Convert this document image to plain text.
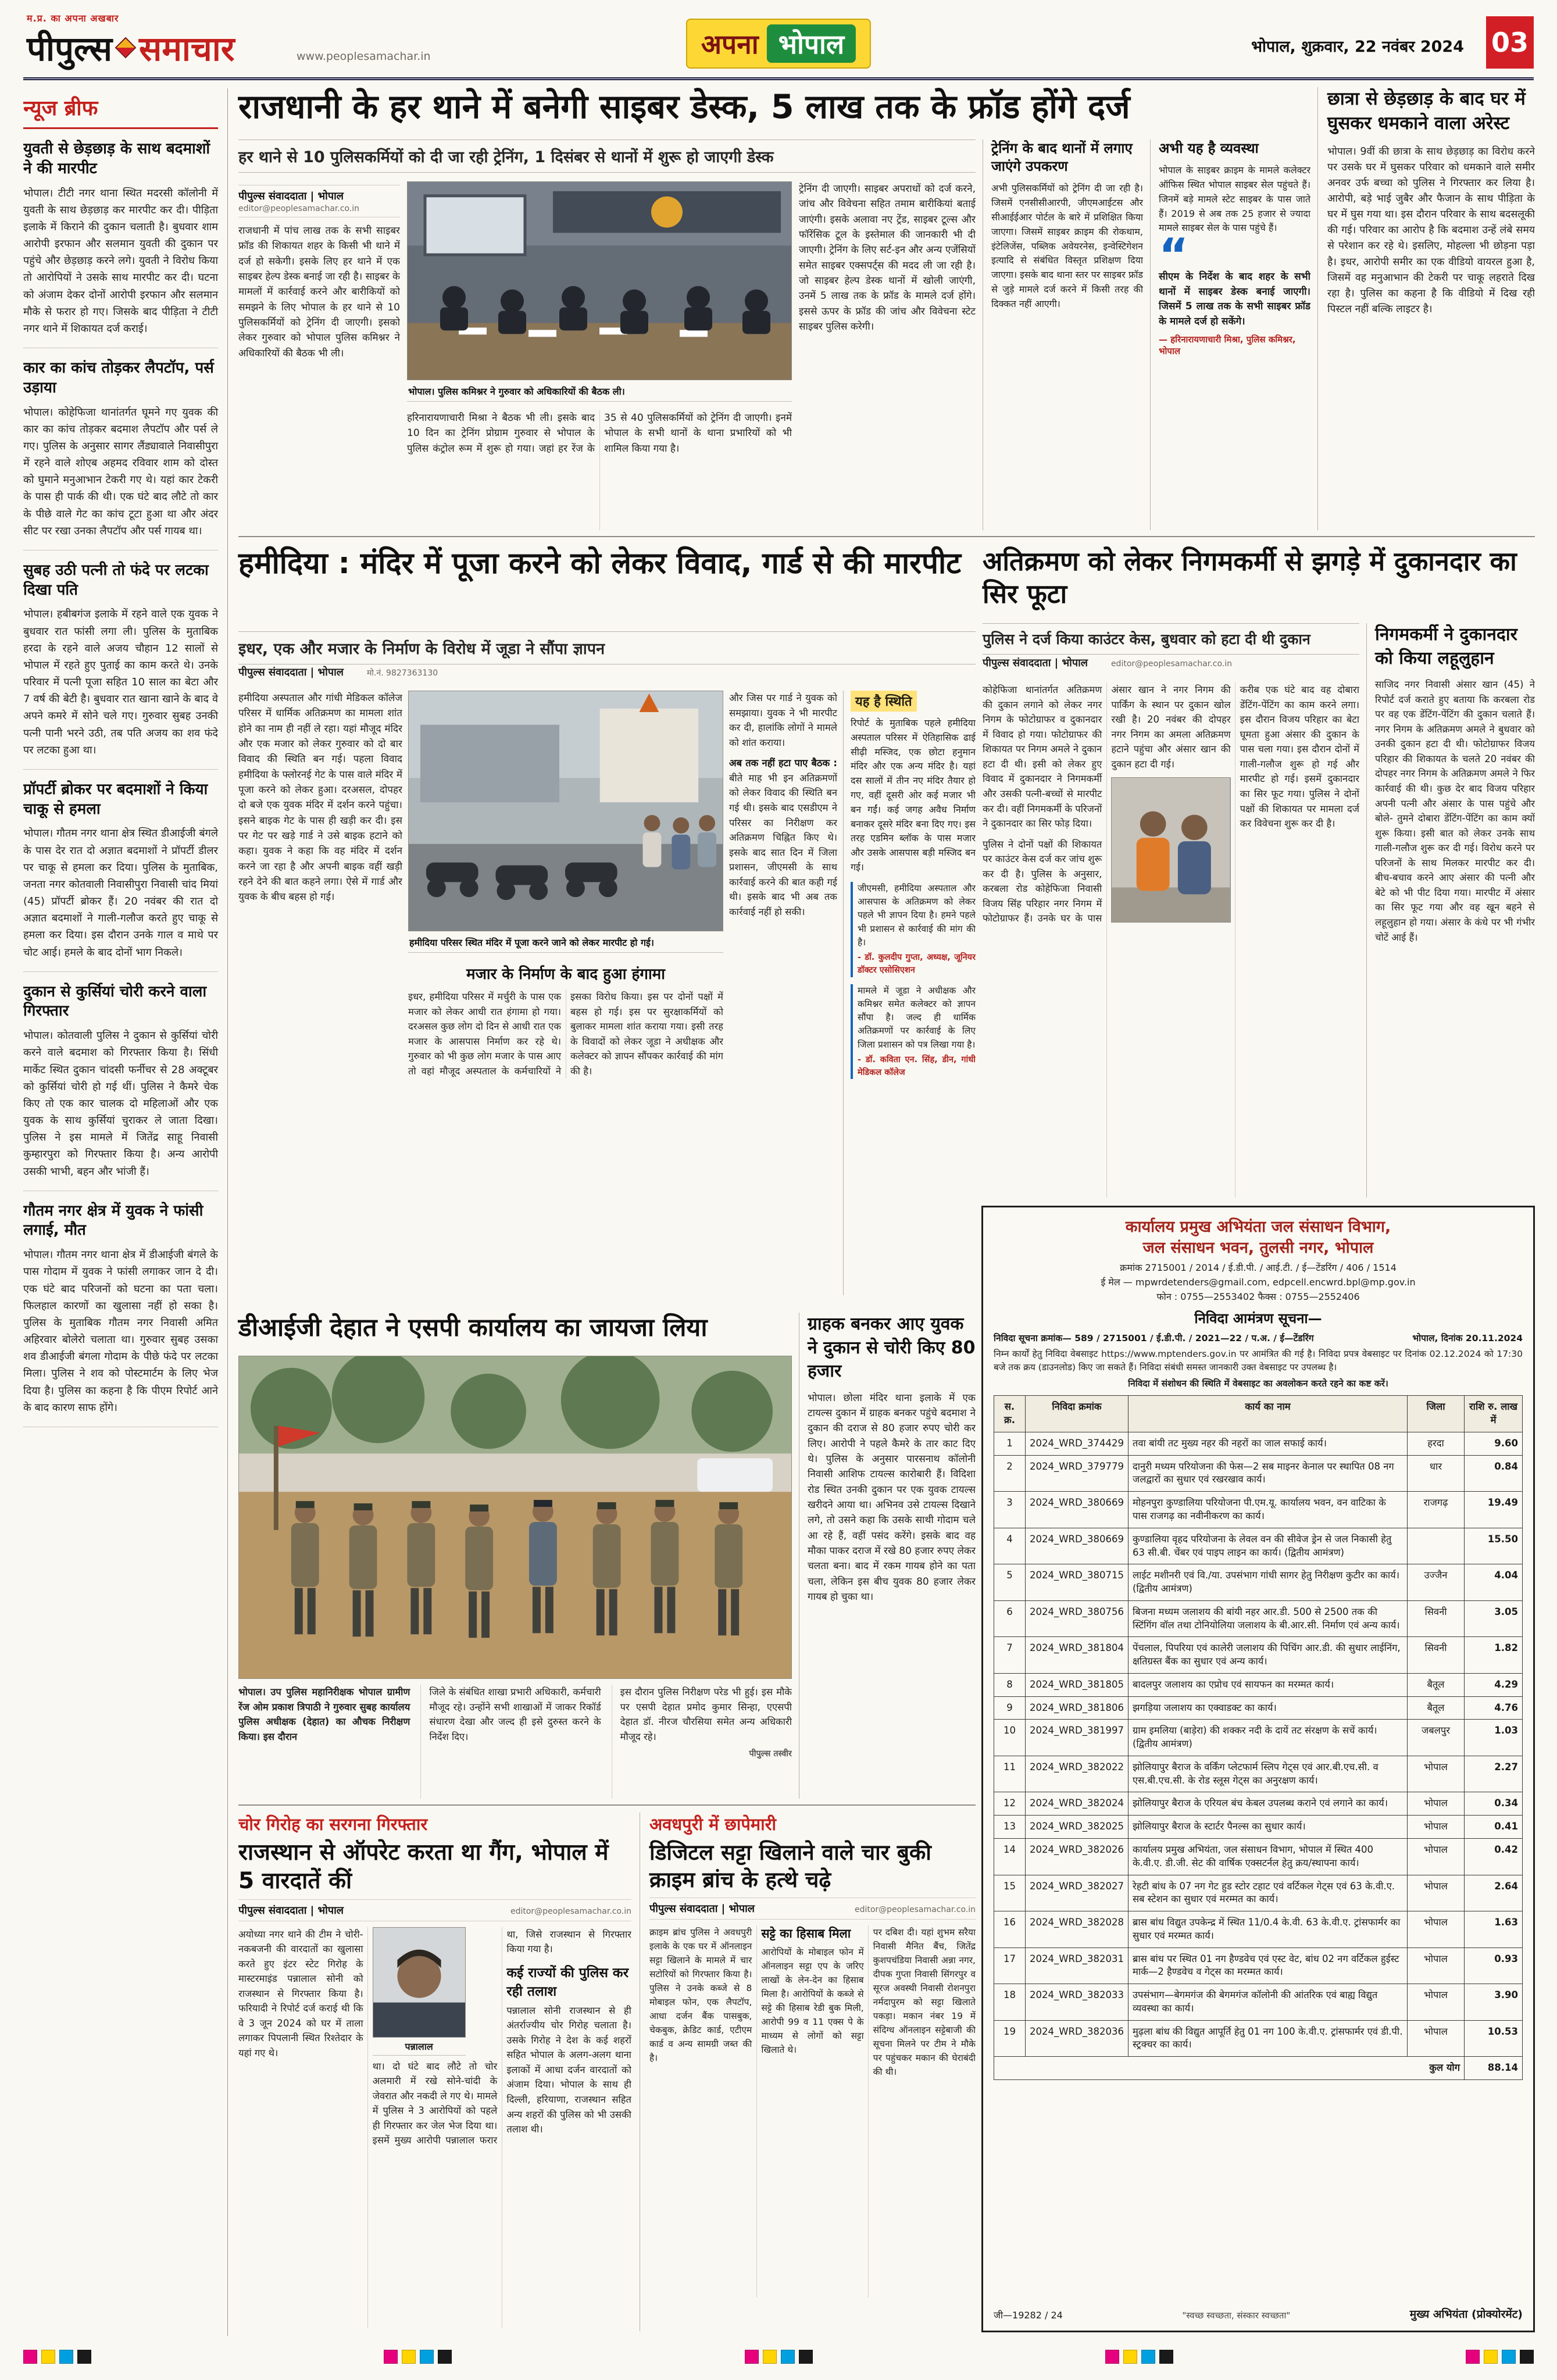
म.प्र. का अपना अखबार
पीपुल्स समाचार	www.peoplesamachar.in	अपना भोपाल	भोपाल, शुक्रवार, 22 नवंबर 2024 03
न्यूज ब्रीफ
युवती से छेड़छाड़ के साथ बदमाशों ने की मारपीट

भोपाल। टीटी नगर थाना स्थित मदरसी कॉलोनी में युवती के साथ छेड़छाड़ कर मारपीट कर दी। पीड़िता इलाके में किराने की दुकान चलाती है। बुधवार शाम आरोपी इरफान और सलमान युवती की दुकान पर पहुंचे और छेड़छाड़ करने लगे। युवती ने विरोध किया तो आरोपियों ने उसके साथ मारपीट कर दी। घटना को अंजाम देकर दोनों आरोपी इरफान और सलमान मौके से फरार हो गए। जिसके बाद पीड़िता ने टीटी नगर थाने में शिकायत दर्ज कराई।

कार का कांच तोड़कर लैपटॉप, पर्स उड़ाया

भोपाल। कोहेफिजा थानांतर्गत घूमने गए युवक की कार का कांच तोड़कर बदमाश लैपटॉप और पर्स ले गए। पुलिस के अनुसार सागर लैंड्यावाले निवासीपुरा में रहने वाले शोएब अहमद रविवार शाम को दोस्त को घुमाने मनुआभान टेकरी गए थे। यहां कार टेकरी के पास ही पार्क की थी। एक घंटे बाद लौटे तो कार के पीछे वाले गेट का कांच टूटा हुआ था और अंदर सीट पर रखा उनका लैपटॉप और पर्स गायब था।

सुबह उठी पत्नी तो फंदे पर लटका दिखा पति

भोपाल। हबीबगंज इलाके में रहने वाले एक युवक ने बुधवार रात फांसी लगा ली। पुलिस के मुताबिक हरदा के रहने वाले अजय चौहान 12 सालों से भोपाल में रहते हुए पुताई का काम करते थे। उनके परिवार में पत्नी पूजा सहित 10 साल का बेटा और 7 वर्ष की बेटी है। बुधवार रात खाना खाने के बाद वे अपने कमरे में सोने चले गए। गुरुवार सुबह उनकी पत्नी पानी भरने उठी, तब पति अजय का शव फंदे पर लटका हुआ था।

प्रॉपर्टी ब्रोकर पर बदमाशों ने किया चाकू से हमला

भोपाल। गौतम नगर थाना क्षेत्र स्थित डीआईजी बंगले के पास देर रात दो अज्ञात बदमाशों ने प्रॉपर्टी डीलर पर चाकू से हमला कर दिया। पुलिस के मुताबिक, जनता नगर कोतवाली निवासीपुरा निवासी चांद मियां (45) प्रॉपर्टी ब्रोकर हैं। 20 नवंबर की रात दो अज्ञात बदमाशों ने गाली-गलौज करते हुए चाकू से हमला कर दिया। इस दौरान उनके गाल व माथे पर चोट आई। हमले के बाद दोनों भाग निकले।

दुकान से कुर्सियां चोरी करने वाला गिरफ्तार

भोपाल। कोतवाली पुलिस ने दुकान से कुर्सियां चोरी करने वाले बदमाश को गिरफ्तार किया है। सिंधी मार्केट स्थित दुकान चांदसी फर्नीचर से 28 अक्टूबर को कुर्सियां चोरी हो गई थीं। पुलिस ने कैमरे चेक किए तो एक कार चालक दो महिलाओं और एक युवक के साथ कुर्सियां चुराकर ले जाता दिखा। पुलिस ने इस मामले में जितेंद्र साहू निवासी कुम्हारपुरा को गिरफ्तार किया है। अन्य आरोपी उसकी भाभी, बहन और भांजी हैं।

गौतम नगर क्षेत्र में युवक ने फांसी लगाई, मौत

भोपाल। गौतम नगर थाना क्षेत्र में डीआईजी बंगले के पास गोदाम में युवक ने फांसी लगाकर जान दे दी। एक घंटे बाद परिजनों को घटना का पता चला। फिलहाल कारणों का खुलासा नहीं हो सका है। पुलिस के मुताबिक गौतम नगर निवासी अमित अहिरवार बोलेरो चलाता था। गुरुवार सुबह उसका शव डीआईजी बंगला गोदाम के पीछे फंदे पर लटका मिला। पुलिस ने शव को पोस्टमार्टम के लिए भेज दिया है। पुलिस का कहना है कि पीएम रिपोर्ट आने के बाद कारण साफ होंगे।

राजधानी के हर थाने में बनेगी साइबर डेस्क, 5 लाख तक के फ्रॉड होंगे दर्ज
हर थाने से 10 पुलिसकर्मियों को दी जा रही ट्रेनिंग, 1 दिसंबर से थानों में शुरू हो जाएगी डेस्क
पीपुल्स संवाददाता | भोपाल
editor@peoplesamachar.co.in

राजधानी में पांच लाख तक के सभी साइबर फ्रॉड की शिकायत शहर के किसी भी थाने में दर्ज हो सकेगी। इसके लिए हर थाने में एक साइबर हेल्प डेस्क बनाई जा रही है। साइबर के मामलों में कार्रवाई करने और बारीकियों को समझने के लिए भोपाल के हर थाने से 10 पुलिसकर्मियों को ट्रेनिंग दी जाएगी। इसको लेकर गुरुवार को भोपाल पुलिस कमिश्नर ने अधिकारियों की बैठक भी ली।

भोपाल। पुलिस कमिश्नर ने गुरुवार को अधिकारियों की बैठक ली।
हरिनारायणाचारी मिश्रा ने बैठक भी ली। इसके बाद 10 दिन का ट्रेनिंग प्रोग्राम गुरुवार से भोपाल के पुलिस कंट्रोल रूम में शुरू हो गया। जहां हर रेंज के 35 से 40 पुलिसकर्मियों को ट्रेनिंग दी जाएगी। इनमें भोपाल के सभी थानों के थाना प्रभारियों को भी शामिल किया गया है।
ट्रेनिंग दी जाएगी। साइबर अपराधों को दर्ज करने, जांच और विवेचना सहित तमाम बारीकियां बताई जाएंगी। इसके अलावा नए ट्रेंड, साइबर टूल्स और फॉरेंसिक टूल के इस्तेमाल की जानकारी भी दी जाएगी। ट्रेनिंग के लिए सर्ट-इन और अन्य एजेंसियों समेत साइबर एक्सपर्ट्स की मदद ली जा रही है। जो साइबर हेल्प डेस्क थानों में खोली जाएंगी, उनमें 5 लाख तक के फ्रॉड के मामले दर्ज होंगे। इससे ऊपर के फ्रॉड की जांच और विवेचना स्टेट साइबर पुलिस करेगी।
ट्रेनिंग के बाद थानों में लगाए जाएंगे उपकरण

अभी पुलिसकर्मियों को ट्रेनिंग दी जा रही है। जिसमें एनसीसीआरपी, जीएमआईटस और सीआईईआर पोर्टल के बारे में प्रशिक्षित किया जाएगा। जिसमें साइबर क्राइम की रोकथाम, इंटेलिजेंस, पब्लिक अवेयरनेस, इन्वेस्टिगेशन इत्यादि से संबंधित विस्तृत प्रशिक्षण दिया जाएगा। इसके बाद थाना स्तर पर साइबर फ्रॉड से जुड़े मामले दर्ज करने में किसी तरह की दिक्कत नहीं आएगी।

अभी यह है व्यवस्था

भोपाल के साइबर क्राइम के मामले कलेक्टर ऑफिस स्थित भोपाल साइबर सेल पहुंचते हैं। जिनमें बड़े मामले स्टेट साइबर के पास जाते हैं। 2019 से अब तक 25 हजार से ज्यादा मामले साइबर सेल के पास पहुंचे हैं।

“

सीएम के निर्देश के बाद शहर के सभी थानों में साइबर डेस्क बनाई जाएगी। जिसमें 5 लाख तक के सभी साइबर फ्रॉड के मामले दर्ज हो सकेंगे।

— हरिनारायणाचारी मिश्रा, पुलिस कमिश्नर, भोपाल
छात्रा से छेड़छाड़ के बाद घर में घुसकर धमकाने वाला अरेस्ट

भोपाल। 9वीं की छात्रा के साथ छेड़छाड़ का विरोध करने पर उसके घर में घुसकर परिवार को धमकाने वाले समीर अनवर उर्फ बच्चा को पुलिस ने गिरफ्तार कर लिया है। आरोपी, बड़े भाई जुबैर और फैजान के साथ पीड़िता के घर में घुस गया था। इस दौरान परिवार के साथ बदसलूकी की गई। परिवार का आरोप है कि बदमाश उन्हें लंबे समय से परेशान कर रहे थे। इसलिए, मोहल्ला भी छोड़ना पड़ा है। इधर, आरोपी समीर का एक वीडियो वायरल हुआ है, जिसमें वह मनुआभान की टेकरी पर चाकू लहराते दिख रहा है। पुलिस का कहना है कि वीडियो में दिख रही पिस्टल नहीं बल्कि लाइटर है।

हमीदिया : मंदिर में पूजा करने को लेकर विवाद, गार्ड से की मारपीट
इधर, एक और मजार के निर्माण के विरोध में जूडा ने सौंपा ज्ञापन
पीपुल्स संवाददाता | भोपाल	मो.नं. 9827363130
हमीदिया अस्पताल और गांधी मेडिकल कॉलेज परिसर में धार्मिक अतिक्रमण का मामला शांत होने का नाम ही नहीं ले रहा। यहां मौजूद मंदिर और एक मजार को लेकर गुरुवार को दो बार विवाद की स्थिति बन गई। पहला विवाद हमीदिया के फ्लोरनई गेट के पास वाले मंदिर में पूजा करने को लेकर हुआ। दरअसल, दोपहर दो बजे एक युवक मंदिर में दर्शन करने पहुंचा। इसने बाइक गेट के पास ही खड़ी कर दी। इस पर गेट पर खड़े गार्ड ने उसे बाइक हटाने को कहा। युवक ने कहा कि वह मंदिर में दर्शन करने जा रहा है और अपनी बाइक वहीं खड़ी रहने देने की बात कहने लगा। ऐसे में गार्ड और युवक के बीच बहस हो गई।
हमीदिया परिसर स्थित मंदिर में पूजा करने जाने को लेकर मारपीट हो गई।
मजार के निर्माण के बाद हुआ हंगामा
इधर, हमीदिया परिसर में मर्चुरी के पास एक मजार को लेकर आधी रात हंगामा हो गया। दरअसल कुछ लोग दो दिन से आधी रात एक मजार के आसपास निर्माण कर रहे थे। गुरुवार को भी कुछ लोग मजार के पास आए तो वहां मौजूद अस्पताल के कर्मचारियों ने इसका विरोध किया। इस पर दोनों पक्षों में बहस हो गई। इस पर सुरक्षाकर्मियों को बुलाकर मामला शांत कराया गया। इसी तरह के विवादों को लेकर जूडा ने अधीक्षक और कलेक्टर को ज्ञापन सौंपकर कार्रवाई की मांग की है।

और जिस पर गार्ड ने युवक को समझाया। युवक ने भी मारपीट कर दी, हालांकि लोगों ने मामले को शांत कराया।

अब तक नहीं हटा पाए बैठक : बीते माह भी इन अतिक्रमणों को लेकर विवाद की स्थिति बन गई थी। इसके बाद एसडीएम ने परिसर का निरीक्षण कर अतिक्रमण चिह्नित किए थे। इसके बाद सात दिन में जिला प्रशासन, जीएमसी के साथ कार्रवाई करने की बात कही गई थी। इसके बाद भी अब तक कार्रवाई नहीं हो सकी।

यह है स्थिति

रिपोर्ट के मुताबिक पहले हमीदिया अस्पताल परिसर में ऐतिहासिक ढाई सीढ़ी मस्जिद, एक छोटा हनुमान मंदिर और एक अन्य मंदिर है। यहां दस सालों में तीन नए मंदिर तैयार हो गए, वहीं दूसरी ओर कई मजार भी बन गईं। कई जगह अवैध निर्माण बनाकर दूसरे मंदिर बना दिए गए। इस तरह एडमिन ब्लॉक के पास मजार और उसके आसपास बड़ी मस्जिद बन गई।

जीएमसी, हमीदिया अस्पताल और आसपास के अतिक्रमण को लेकर पहले भी ज्ञापन दिया है। हमने पहले भी प्रशासन से कार्रवाई की मांग की है।
- डॉ. कुलदीप गुप्ता, अध्यक्ष, जूनियर डॉक्टर एसोसिएशन
मामले में जूडा ने अधीक्षक और कमिश्नर समेत कलेक्टर को ज्ञापन सौंपा है। जल्द ही धार्मिक अतिक्रमणों पर कार्रवाई के लिए जिला प्रशासन को पत्र लिखा गया है।
- डॉ. कविता एन. सिंह, डीन, गांधी मेडिकल कॉलेज
अतिक्रमण को लेकर निगमकर्मी से झगड़े में दुकानदार का सिर फूटा
पुलिस ने दर्ज किया काउंटर केस, बुधवार को हटा दी थी दुकान
पीपुल्स संवाददाता | भोपाल	editor@peoplesamachar.co.in

कोहेफिजा थानांतर्गत अतिक्रमण की दुकान लगाने को लेकर नगर निगम के फोटोग्राफर व दुकानदार में विवाद हो गया। फोटोग्राफर की शिकायत पर निगम अमले ने दुकान हटा दी थी। इसी को लेकर हुए विवाद में दुकानदार ने निगमकर्मी और उसकी पत्नी-बच्चों से मारपीट कर दी। वहीं निगमकर्मी के परिजनों ने दुकानदार का सिर फोड़ दिया।

पुलिस ने दोनों पक्षों की शिकायत पर काउंटर केस दर्ज कर जांच शुरू कर दी है। पुलिस के अनुसार, करबला रोड कोहेफिजा निवासी विजय सिंह परिहार नगर निगम में फोटोग्राफर हैं। उनके घर के पास अंसार खान ने नगर निगम की पार्किंग के स्थान पर दुकान खोल रखी है। 20 नवंबर की दोपहर नगर निगम का अमला अतिक्रमण हटाने पहुंचा और अंसार खान की दुकान हटा दी गई।

करीब एक घंटे बाद वह दोबारा डेंटिंग-पेंटिंग का काम करने लगा। इस दौरान विजय परिहार का बेटा घूमता हुआ अंसार की दुकान के पास चला गया। इस दौरान दोनों में गाली-गलौज शुरू हो गई और मारपीट हो गई। इसमें दुकानदार का सिर फूट गया। पुलिस ने दोनों पक्षों की शिकायत पर मामला दर्ज कर विवेचना शुरू कर दी है।

निगमकर्मी ने दुकानदार को किया लहूलुहान

साजिद नगर निवासी अंसार खान (45) ने रिपोर्ट दर्ज कराते हुए बताया कि करबला रोड पर वह एक डेंटिंग-पेंटिंग की दुकान चलाते हैं। नगर निगम के अतिक्रमण अमले ने बुधवार को उनकी दुकान हटा दी थी। फोटोग्राफर विजय परिहार की शिकायत के चलते 20 नवंबर की दोपहर नगर निगम के अतिक्रमण अमले ने फिर कार्रवाई की थी। कुछ देर बाद विजय परिहार अपनी पत्नी और अंसार के पास पहुंचे और बोले- तुमने दोबारा डेंटिंग-पेंटिंग का काम क्यों शुरू किया। इसी बात को लेकर उनके साथ गाली-गलौज शुरू कर दी गई। विरोध करने पर परिजनों के साथ मिलकर मारपीट कर दी। बीच-बचाव करने आए अंसार की पत्नी और बेटे को भी पीट दिया गया। मारपीट में अंसार का सिर फूट गया और वह खून बहने से लहूलुहान हो गया। अंसार के कंधे पर भी गंभीर चोटें आई हैं।

कार्यालय प्रमुख अभियंता जल संसाधन विभाग,
जल संसाधन भवन, तुलसी नगर, भोपाल
क्रमांक 2715001 / 2014 / ई.डी.पी. / आई.टी. / ई—टेंडरिंग / 406 / 1514
ई मेल — mpwrdetenders@gmail.com, edpcell.encwrd.bpl@mp.gov.in
फोन : 0755—2553402 फैक्स : 0755—2552406
निविदा आमंत्रण सूचना—
निविदा सूचना क्रमांक— 589 / 2715001 / ई.डी.पी. / 2021—22 / प.अ. / ई—टेंडरिंग	भोपाल, दिनांक 20.11.2024

निम्न कार्यों हेतु निविदा वेबसाइट https://www.mptenders.gov.in पर आमंत्रित की गई है। निविदा प्रपत्र वेबसाइट पर दिनांक 02.12.2024 को 17:30 बजे तक क्रय (डाउनलोड) किए जा सकते हैं। निविदा संबंधी समस्त जानकारी उक्त वेबसाइट पर उपलब्ध है।

निविदा में संशोधन की स्थिति में वेबसाइट का अवलोकन करते रहने का कष्ट करें।
स. क्र.	निविदा क्रमांक	कार्य का नाम	जिला	राशि रु. लाख में
1	2024_WRD_374429	तवा बांयी तट मुख्य नहर की नहरों का जाल सफाई कार्य।	हरदा	9.60
2	2024_WRD_379779	दानुरी मध्यम परियोजना की फेस—2 सब माइनर केनाल पर स्थापित 08 नग जलद्वारों का सुधार एवं रखरखाव कार्य।	धार	0.84
3	2024_WRD_380669	मोहनपुरा कुण्डालिया परियोजना पी.एम.यू. कार्यालय भवन, वन वाटिका के पास राजगढ़ का नवीनीकरण का कार्य।	राजगढ़	19.49
4	2024_WRD_380669	कुण्डालिया वृहद परियोजना के लेवल वन की सीवेज ड्रेन से जल निकासी हेतु 63 सी.बी. चेंबर एवं पाइप लाइन का कार्य। (द्वितीय आमंत्रण)		15.50
5	2024_WRD_380715	लाईट मशीनरी एवं वि./या. उपसंभाग गांधी सागर हेतु निरीक्षण कुटीर का कार्य। (द्वितीय आमंत्रण)	उज्जैन	4.04
6	2024_WRD_380756	बिजना मध्यम जलाशय की बांयी नहर आर.डी. 500 से 2500 तक की स्टिंगिंग वॉल तथा टोनियोलिया जलाशय के बी.आर.सी. निर्माण एवं अन्य कार्य।	सिवनी	3.05
7	2024_WRD_381804	पेंचलाल, पिपरिया एवं कालेरी जलाशय की पिचिंग आर.डी. की सुधार लाईनिंग, क्षतिग्रस्त बैंक का सुधार एवं अन्य कार्य।	सिवनी	1.82
8	2024_WRD_381805	बादलपुर जलाशय का एप्रोच एवं सायफन का मरम्मत कार्य।	बैतूल	4.29
9	2024_WRD_381806	झगड़िया जलाशय का एक्वाडक्ट का कार्य।	बैतूल	4.76
10	2024_WRD_381997	ग्राम इमलिया (बाड़ेरा) की शक्कर नदी के दायें तट संरक्षण के सचें कार्य। (द्वितीय आमंत्रण)	जबलपुर	1.03
11	2024_WRD_382022	झोलियापुर बैराज के वर्किंग प्लेटफार्म स्लिप गेट्स एवं आर.बी.एच.सी. व एस.बी.एच.सी. के रोड स्लूस गेट्स का अनुरक्षण कार्य।	भोपाल	2.27
12	2024_WRD_382024	झोलियापुर बैराज के एरियल बंच केबल उपलब्ध कराने एवं लगाने का कार्य।	भोपाल	0.34
13	2024_WRD_382025	झोलियापुर बैराज के स्टार्टर पैनल्स का सुधार कार्य।	भोपाल	0.41
14	2024_WRD_382026	कार्यालय प्रमुख अभियंता, जल संसाधन विभाग, भोपाल में स्थित 400 के.वी.ए. डी.जी. सेट की वार्षिक एक्सटर्नल हेतु क्रय/स्थापना कार्य।	भोपाल	0.42
15	2024_WRD_382027	रेहटी बांध के 07 नग गेट हुड स्टोर टहाट एवं वर्टिकल गेट्स एवं 63 के.वी.ए. सब स्टेशन का सुधार एवं मरम्मत का कार्य।	भोपाल	2.64
16	2024_WRD_382028	ब्रास बांध विद्युत उपकेन्द्र में स्थित 11/0.4 के.वी. 63 के.वी.ए. ट्रांसफार्मर का सुधार एवं मरम्मत कार्य।	भोपाल	1.63
17	2024_WRD_382031	ब्रास बांध पर स्थित 01 नग हैण्डवेच एवं एस्ट वेट, बांध 02 नग वर्टिकल हुईस्ट मार्क—2 हैण्डवेच व गेट्स का मरम्मत कार्य।	भोपाल	0.93
18	2024_WRD_382033	उपसंभाग—बेगमगंज की बेगमगंज कॉलोनी की आंतरिक एवं बाह्य विद्युत व्यवस्था का कार्य।	भोपाल	3.90
19	2024_WRD_382036	मुढ़ला बांध की विद्युत आपूर्ति हेतु 01 नग 100 के.वी.ए. ट्रांसफार्मर एवं डी.पी. स्ट्रक्चर का कार्य।	भोपाल	10.53
कुल योग				88.14
जी—19282 / 24	"स्वच्छ स्वच्छता, संस्कार स्वच्छता"	मुख्य अभियंता (प्रोक्योरमेंट)
डीआईजी देहात ने एसपी कार्यालय का जायजा लिया

भोपाल। उप पुलिस महानिरीक्षक भोपाल ग्रामीण रेंज ओम प्रकाश त्रिपाठी ने गुरुवार सुबह कार्यालय पुलिस अधीक्षक (देहात) का औचक निरीक्षण किया। इस दौरान

जिले के संबंधित शाखा प्रभारी अधिकारी, कर्मचारी मौजूद रहे। उन्होंने सभी शाखाओं में जाकर रिकॉर्ड संधारण देखा और जल्द ही इसे दुरुस्त करने के निर्देश दिए।

इस दौरान पुलिस निरीक्षण परेड भी हुई। इस मौके पर एसपी देहात प्रमोद कुमार सिन्हा, एएसपी देहात डॉ. नीरज चौरसिया समेत अन्य अधिकारी मौजूद रहे।

पीपुल्स तस्वीर
ग्राहक बनकर आए युवक ने दुकान से चोरी किए 80 हजार

भोपाल। छोला मंदिर थाना इलाके में एक टायल्स दुकान में ग्राहक बनकर पहुंचे बदमाश ने दुकान की दराज से 80 हजार रुपए चोरी कर लिए। आरोपी ने पहले कैमरे के तार काट दिए थे। पुलिस के अनुसार पारसनाथ कॉलोनी निवासी आशिफ टायल्स कारोबारी हैं। विदिशा रोड स्थित उनकी दुकान पर एक युवक टायल्स खरीदने आया था। अभिनव उसे टायल्स दिखाने लगे, तो उसने कहा कि उसके साथी गोदाम चले आ रहे हैं, वहीं पसंद करेंगे। इसके बाद वह मौका पाकर दराज में रखे 80 हजार रुपए लेकर चलता बना। बाद में रकम गायब होने का पता चला, लेकिन इस बीच युवक 80 हजार लेकर गायब हो चुका था।

चोर गिरोह का सरगना गिरफ्तार
राजस्थान से ऑपरेट करता था गैंग, भोपाल में 5 वारदातें कीं
पीपुल्स संवाददाता | भोपाल	editor@peoplesamachar.co.in

अयोध्या नगर थाने की टीम ने चोरी-नकबजनी की वारदातों का खुलासा करते हुए इंटर स्टेट गिरोह के मास्टरमाइंड पन्नालाल सोनी को राजस्थान से गिरफ्तार किया है। फरियादी ने रिपोर्ट दर्ज कराई थी कि वे 3 जून 2024 को घर में ताला लगाकर पिपलानी स्थित रिश्तेदार के यहां गए थे।

पन्नालाल

था। दो घंटे बाद लौटे तो चोर अलमारी में रखे सोने-चांदी के जेवरात और नकदी ले गए थे। मामले में पुलिस ने 3 आरोपियों को पहले ही गिरफ्तार कर जेल भेज दिया था। इसमें मुख्य आरोपी पन्नालाल फरार था, जिसे राजस्थान से गिरफ्तार किया गया है।

कई राज्यों की पुलिस कर रही तलाश

पन्नालाल सोनी राजस्थान से ही अंतर्राज्यीय चोर गिरोह चलाता है। उसके गिरोह ने देश के कई शहरों सहित भोपाल के अलग-अलग थाना इलाकों में आधा दर्जन वारदातों को अंजाम दिया। भोपाल के साथ ही दिल्ली, हरियाणा, राजस्थान सहित अन्य शहरों की पुलिस को भी उसकी तलाश थी।

अवधपुरी में छापेमारी
डिजिटल सट्टा खिलाने वाले चार बुकी क्राइम ब्रांच के हत्थे चढ़े
पीपुल्स संवाददाता | भोपाल	editor@peoplesamachar.co.in

क्राइम ब्रांच पुलिस ने अवधपुरी इलाके के एक घर में ऑनलाइन सट्टा खिलाने के मामले में चार सटोरियों को गिरफ्तार किया है। पुलिस ने उनके कब्जे से 8 मोबाइल फोन, एक लैपटॉप, आधा दर्जन बैंक पासबुक, चेकबुक, क्रेडिट कार्ड, एटीएम कार्ड व अन्य सामग्री जब्त की है।

सट्टे का हिसाब मिला

आरोपियों के मोबाइल फोन में ऑनलाइन सट्टा एप के जरिए लाखों के लेन-देन का हिसाब मिला है। आरोपियों के कब्जे से सट्टे की हिसाब रेडी बुक मिली, आरोपी 99 व 11 एक्स पे के माध्यम से लोगों को सट्टा खिलाते थे।

पर दबिश दी। यहां शुभम सरैया निवासी मैनित बैंच, जितेंद्र कुशपचंडिया निवासी अन्ना नगर, दीपक गुप्ता निवासी सिंगरपुर व सूरज अवस्थी निवासी रोशनपुरा नर्मदापुरम को सट्टा खिलाते पकड़ा। मकान नंबर 19 में संदिग्ध ऑनलाइन सट्टेबाजी की सूचना मिलने पर टीम ने मौके पर पहुंचकर मकान की घेराबंदी की थी।
